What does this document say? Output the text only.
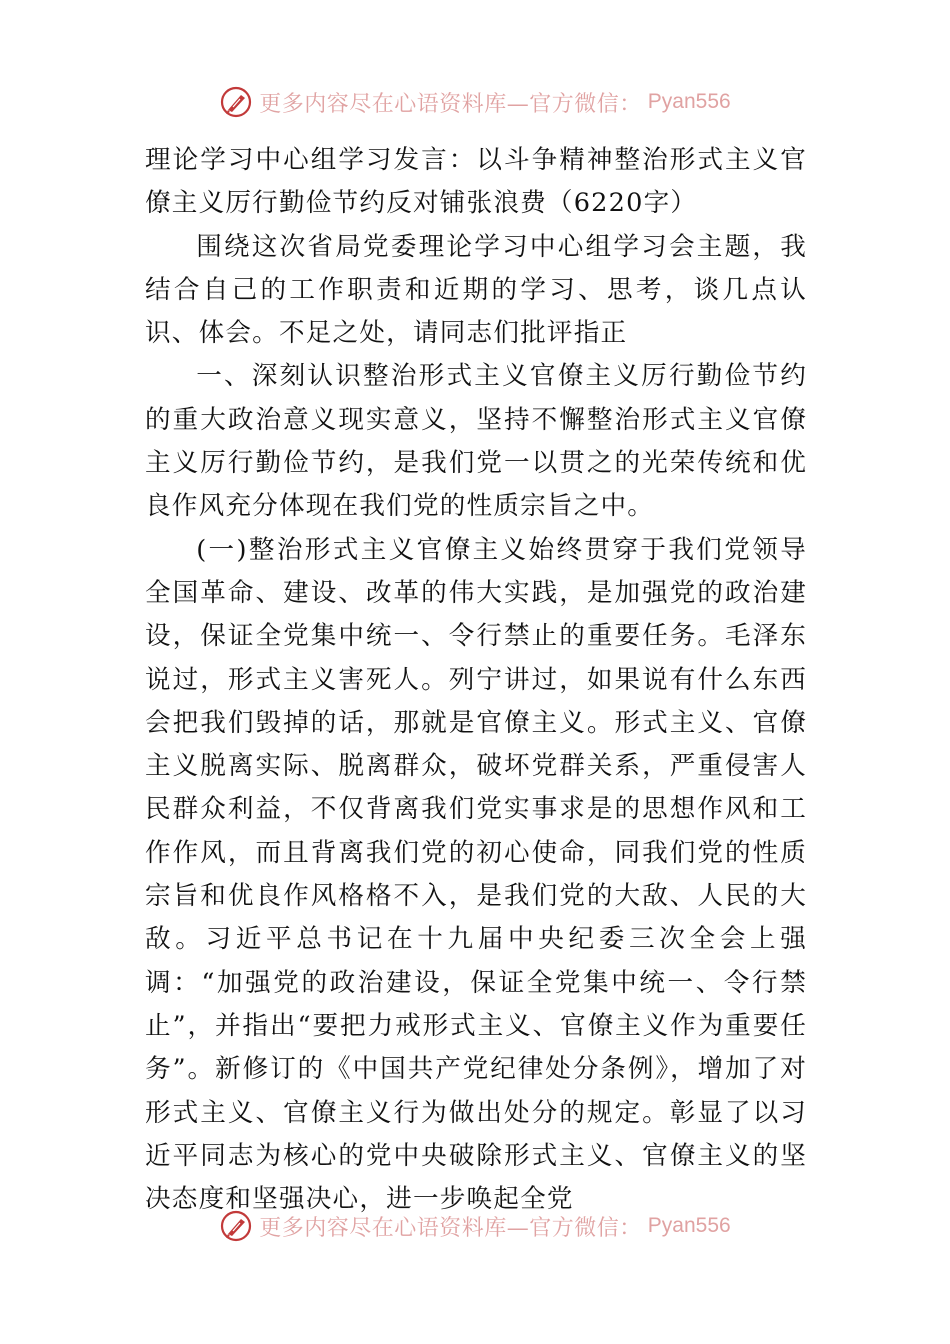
更多内容尽在心语资料库—官方微信： Pyan556

理论学习中心组学习发言：以斗争精神整治形式主义官僚主义厉行勤俭节约反对铺张浪费（6220字）

围绕这次省局党委理论学习中心组学习会主题，我结合自己的工作职责和近期的学习、思考，谈几点认识、体会。不足之处，请同志们批评指正

一、深刻认识整治形式主义官僚主义厉行勤俭节约的重大政治意义现实意义，坚持不懈整治形式主义官僚主义厉行勤俭节约，是我们党一以贯之的光荣传统和优良作风充分体现在我们党的性质宗旨之中。

(一)整治形式主义官僚主义始终贯穿于我们党领导全国革命、建设、改革的伟大实践，是加强党的政治建设，保证全党集中统一、令行禁止的重要任务。毛泽东说过，形式主义害死人。列宁讲过，如果说有什么东西会把我们毁掉的话，那就是官僚主义。形式主义、官僚主义脱离实际、脱离群众，破坏党群关系，严重侵害人民群众利益，不仅背离我们党实事求是的思想作风和工作作风，而且背离我们党的初心使命，同我们党的性质宗旨和优良作风格格不入，是我们党的大敌、人民的大敌。习近平总书记在十九届中央纪委三次全会上强调：“加强党的政治建设，保证全党集中统一、令行禁止”，并指出“要把力戒形式主义、官僚主义作为重要任务”。新修订的《中国共产党纪律处分条例》，增加了对形式主义、官僚主义行为做出处分的规定。彰显了以习近平同志为核心的党中央破除形式主义、官僚主义的坚决态度和坚强决心，进一步唤起全党

更多内容尽在心语资料库—官方微信： Pyan556
